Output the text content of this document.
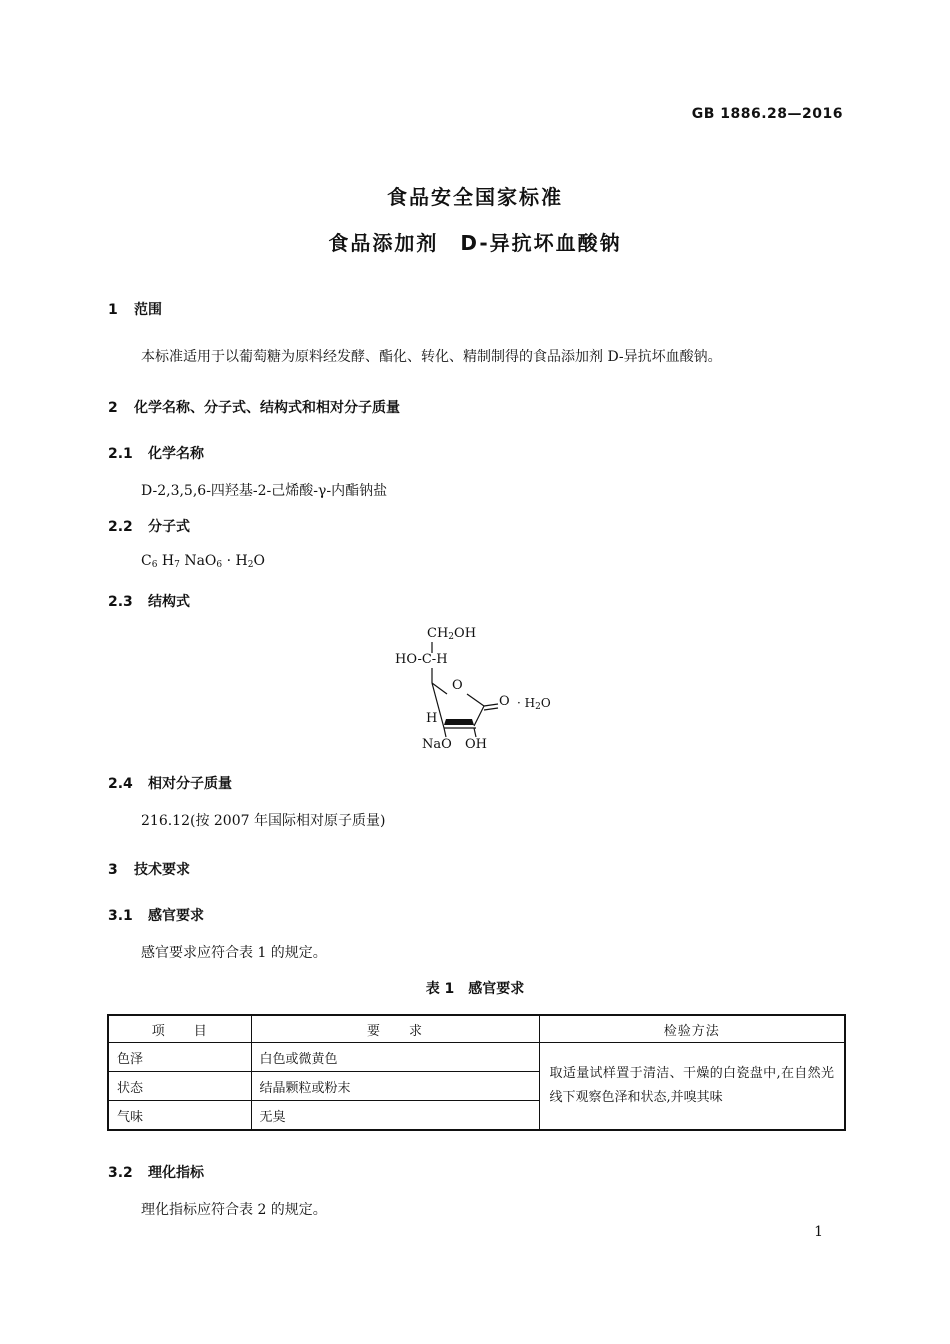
GB 1886.28—2016
食品安全国家标准
食品添加剂　D-异抗坏血酸钠
1 范围
本标准适用于以葡萄糖为原料经发酵、酯化、转化、精制制得的食品添加剂 D-异抗坏血酸钠。
2 化学名称、分子式、结构式和相对分子质量
2.1 化学名称
D-2,3,5,6-四羟基-2-己烯酸-γ-内酯钠盐
2.2 分子式
$C_6$ $H_7$ $NaO_6 \cdot H_2O$
2.3 结构式
$CH_2OH$
HO-C-H
O
$O \cdot H_2O$
H
NaO OH
2.4 相对分子质量
216.12(按 2007 年国际相对原子质量)
3 技术要求
3.1 感官要求
感官要求应符合表 1 的规定。
表 1　感官要求
项　　目	要　　求	检验方法
色泽	白色或微黄色	取适量试样置于清洁、干燥的白瓷盘中,在自然光线下观察色泽和状态,并嗅其味
状态	结晶颗粒或粉末	
气味	无臭	
3.2 理化指标
理化指标应符合表 2 的规定。
1
